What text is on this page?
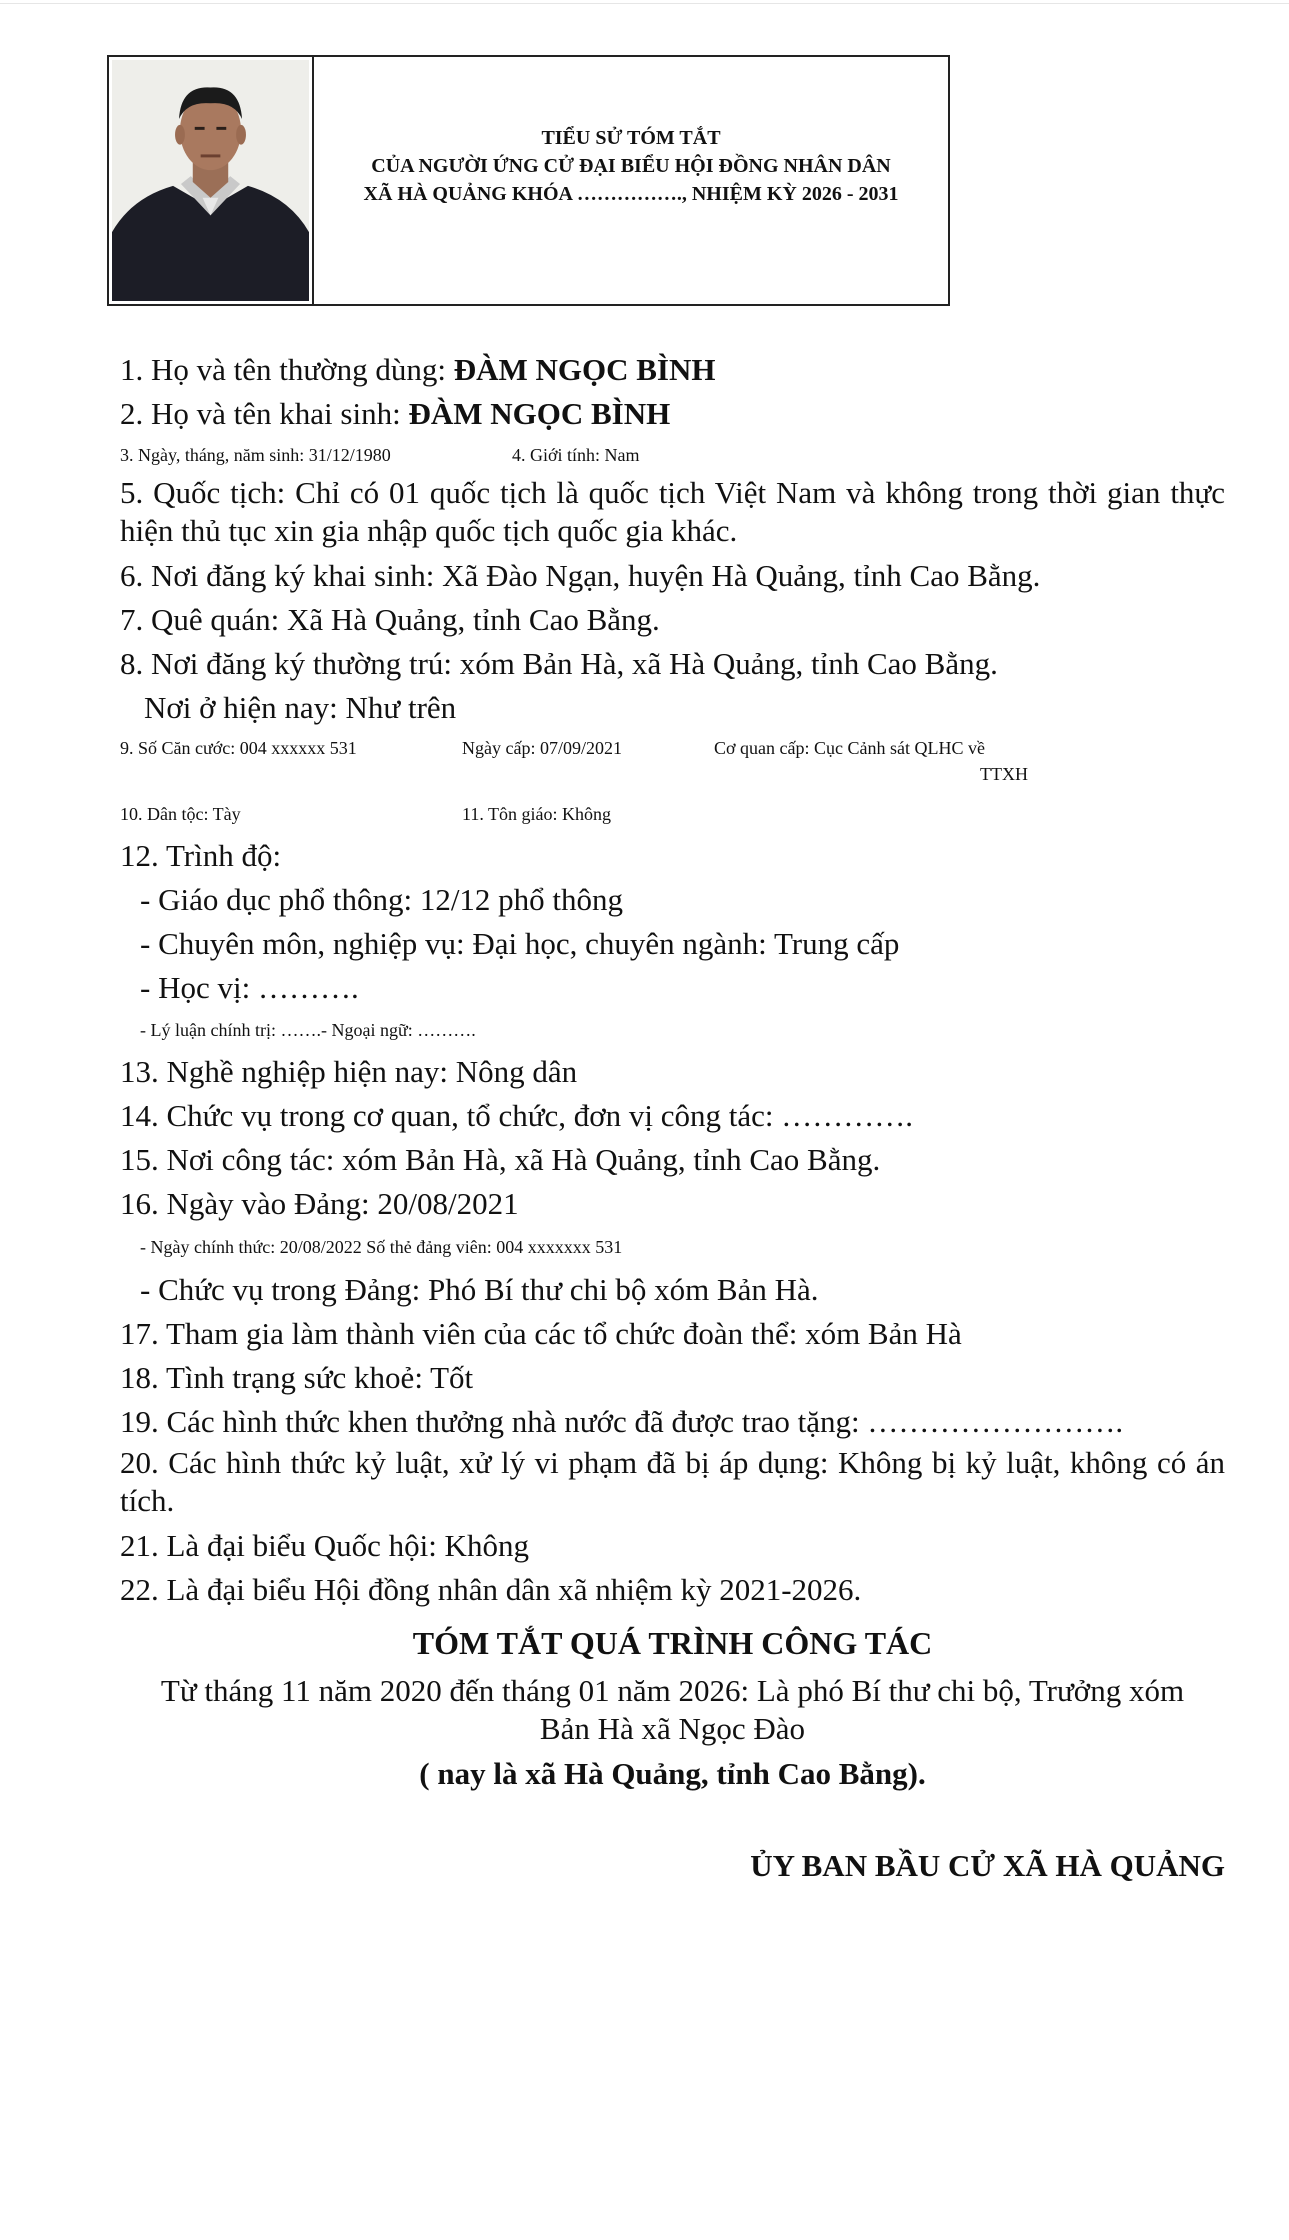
TIỂU SỬ TÓM TẮT
CỦA NGƯỜI ỨNG CỬ ĐẠI BIỂU HỘI ĐỒNG NHÂN DÂN
XÃ HÀ QUẢNG KHÓA ……………., NHIỆM KỲ 2026 - 2031
1. Họ và tên thường dùng: ĐÀM NGỌC BÌNH
2. Họ và tên khai sinh: ĐÀM NGỌC BÌNH
3. Ngày, tháng, năm sinh: 31/12/1980	4. Giới tính: Nam
5. Quốc tịch: Chỉ có 01 quốc tịch là quốc tịch Việt Nam và không trong thời gian thực hiện thủ tục xin gia nhập quốc tịch quốc gia khác.
6. Nơi đăng ký khai sinh: Xã Đào Ngạn, huyện Hà Quảng, tỉnh Cao Bằng.
7. Quê quán: Xã Hà Quảng, tỉnh Cao Bằng.
8. Nơi đăng ký thường trú: xóm Bản Hà, xã Hà Quảng, tỉnh Cao Bằng.
Nơi ở hiện nay: Như trên
9. Số Căn cước: 004 xxxxxx 531	Ngày cấp: 07/09/2021	Cơ quan cấp: Cục Cảnh sát QLHC về
TTXH
10. Dân tộc: Tày	11. Tôn giáo: Không
12. Trình độ:
- Giáo dục phổ thông: 12/12 phổ thông
- Chuyên môn, nghiệp vụ: Đại học, chuyên ngành: Trung cấp
- Học vị: ……….
- Lý luận chính trị: …….- Ngoại ngữ: ……….
13. Nghề nghiệp hiện nay: Nông dân
14. Chức vụ trong cơ quan, tổ chức, đơn vị công tác: ………….
15. Nơi công tác: xóm Bản Hà, xã Hà Quảng, tỉnh Cao Bằng.
16. Ngày vào Đảng: 20/08/2021
- Ngày chính thức: 20/08/2022 Số thẻ đảng viên: 004 xxxxxxx 531
- Chức vụ trong Đảng: Phó Bí thư chi bộ xóm Bản Hà.
17. Tham gia làm thành viên của các tổ chức đoàn thể: xóm Bản Hà
18. Tình trạng sức khoẻ: Tốt
19. Các hình thức khen thưởng nhà nước đã được trao tặng: …………………….
20. Các hình thức kỷ luật, xử lý vi phạm đã bị áp dụng: Không bị kỷ luật, không có án tích.
21. Là đại biểu Quốc hội: Không
22. Là đại biểu Hội đồng nhân dân xã nhiệm kỳ 2021-2026.
TÓM TẮT QUÁ TRÌNH CÔNG TÁC
Từ tháng 11 năm 2020 đến tháng 01 năm 2026: Là phó Bí thư chi bộ, Trưởng xóm
Bản Hà xã Ngọc Đào
( nay là xã Hà Quảng, tỉnh Cao Bằng).
ỦY BAN BẦU CỬ XÃ HÀ QUẢNG
